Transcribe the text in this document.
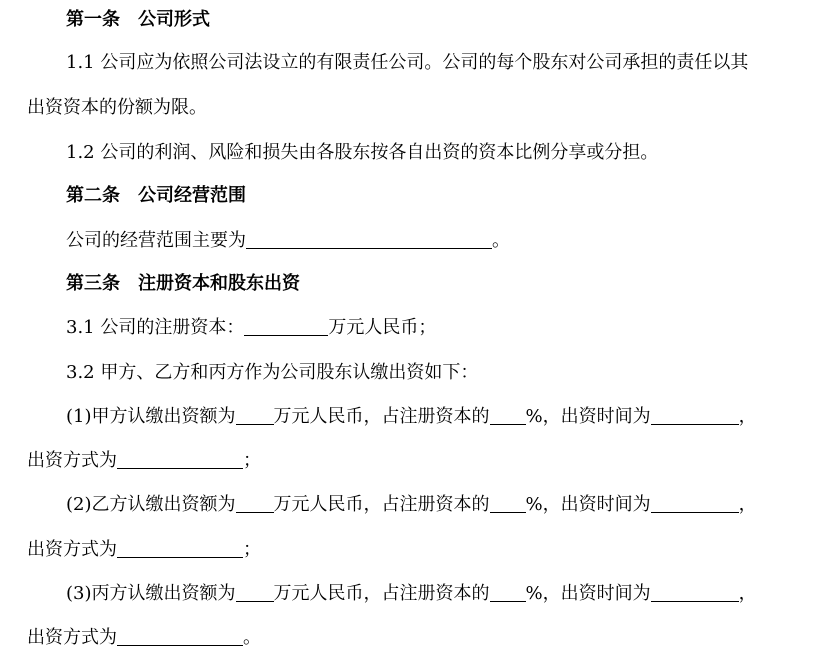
第一条　公司形式
1.1 公司应为依照公司法设立的有限责任公司。公司的每个股东对公司承担的责任以其
出资资本的份额为限。
1.2 公司的利润、风险和损失由各股东按各自出资的资本比例分享或分担。
第二条　公司经营范围
公司的经营范围主要为	。
第三条　注册资本和股东出资
3.1 公司的注册资本：	万元人民币；
3.2 甲方、乙方和丙方作为公司股东认缴出资如下：
(1)甲方认缴出资额为 万元人民币，占注册资本的 %，出资时间为	，
出资方式为	；
(2)乙方认缴出资额为 万元人民币，占注册资本的 %，出资时间为	，
出资方式为	；
(3)丙方认缴出资额为 万元人民币，占注册资本的 %，出资时间为	，
出资方式为	。
